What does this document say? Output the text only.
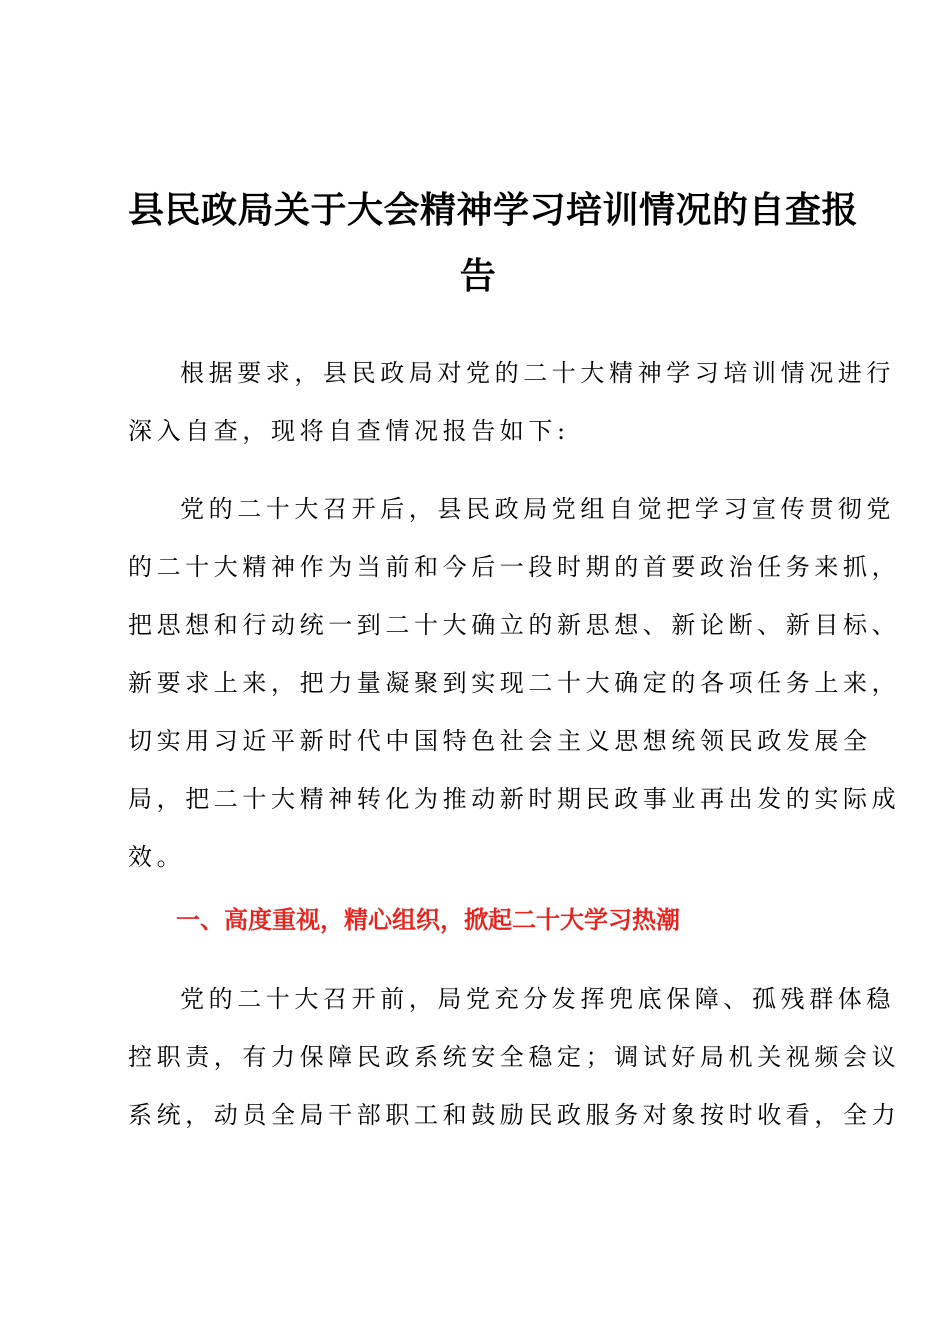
县民政局关于大会精神学习培训情况的自查报
告
根据要求，县民政局对党的二十大精神学习培训情况进行
深入自查，现将自查情况报告如下:
党的二十大召开后，县民政局党组自觉把学习宣传贯彻党
的二十大精神作为当前和今后一段时期的首要政治任务来抓，
把思想和行动统一到二十大确立的新思想、新论断、新目标、
新要求上来，把力量凝聚到实现二十大确定的各项任务上来，
切实用习近平新时代中国特色社会主义思想统领民政发展全
局，把二十大精神转化为推动新时期民政事业再出发的实际成
效。
一、高度重视，精心组织，掀起二十大学习热潮
党的二十大召开前，局党充分发挥兜底保障、孤残群体稳
控职责，有力保障民政系统安全稳定；调试好局机关视频会议
系统，动员全局干部职工和鼓励民政服务对象按时收看，全力
